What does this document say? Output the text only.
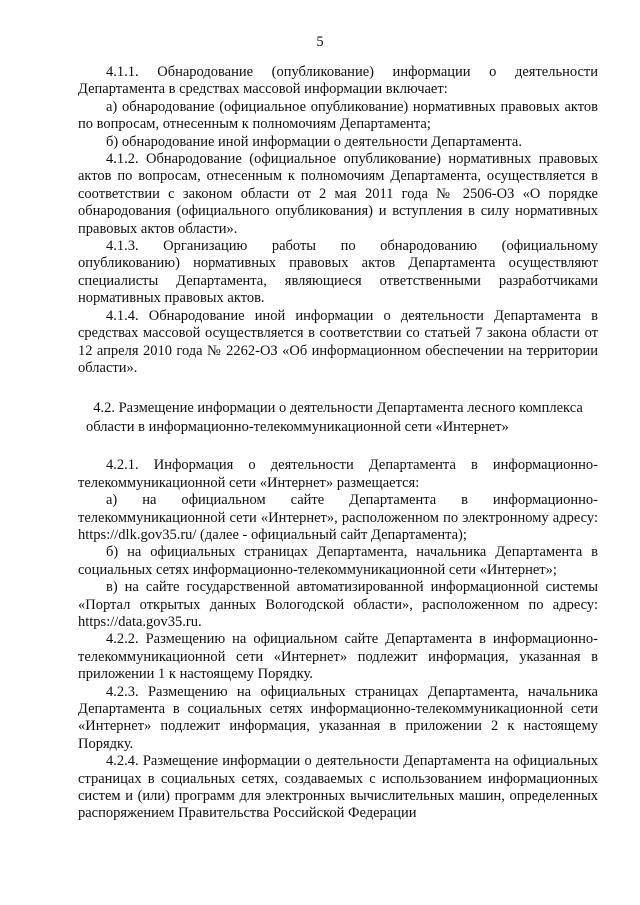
5

4.1.1. Обнародование (опубликование) информации о деятельности Департамента в средствах массовой информации включает:

а) обнародование (официальное опубликование) нормативных правовых актов по вопросам, отнесенным к полномочиям Департамента;

б) обнародование иной информации о деятельности Департамента.

4.1.2. Обнародование (официальное опубликование) нормативных правовых актов по вопросам, отнесенным к полномочиям Департамента, осуществляется в соответствии с законом области от 2 мая 2011 года № 2506-ОЗ «О порядке обнародования (официального опубликования) и вступления в силу нормативных правовых актов области».

4.1.3. Организацию работы по обнародованию (официальному опубликованию) нормативных правовых актов Департамента осуществляют специалисты Департамента, являющиеся ответственными разработчиками нормативных правовых актов.

4.1.4. Обнародование иной информации о деятельности Департамента в средствах массовой осуществляется в соответствии со статьей 7 закона области от 12 апреля 2010 года № 2262-ОЗ «Об информационном обеспечении на территории области».

4.2. Размещение информации о деятельности Департамента лесного комплекса области в информационно-телекоммуникационной сети «Интернет»

4.2.1. Информация о деятельности Департамента в информационно-телекоммуникационной сети «Интернет» размещается:

а) на официальном сайте Департамента в информационно-телекоммуникационной сети «Интернет», расположенном по электронному адресу: https://dlk.gov35.ru/ (далее - официальный сайт Департамента);

б) на официальных страницах Департамента, начальника Департамента в социальных сетях информационно-телекоммуникационной сети «Интернет»;

в) на сайте государственной автоматизированной информационной системы «Портал открытых данных Вологодской области», расположенном по адресу: https://data.gov35.ru.

4.2.2. Размещению на официальном сайте Департамента в информационно-телекоммуникационной сети «Интернет» подлежит информация, указанная в приложении 1 к настоящему Порядку.

4.2.3. Размещению на официальных страницах Департамента, начальника Департамента в социальных сетях информационно-телекоммуникационной сети «Интернет» подлежит информация, указанная в приложении 2 к настоящему Порядку.

4.2.4. Размещение информации о деятельности Департамента на официальных страницах в социальных сетях, создаваемых с использованием информационных систем и (или) программ для электронных вычислительных машин, определенных распоряжением Правительства Российской Федерации
